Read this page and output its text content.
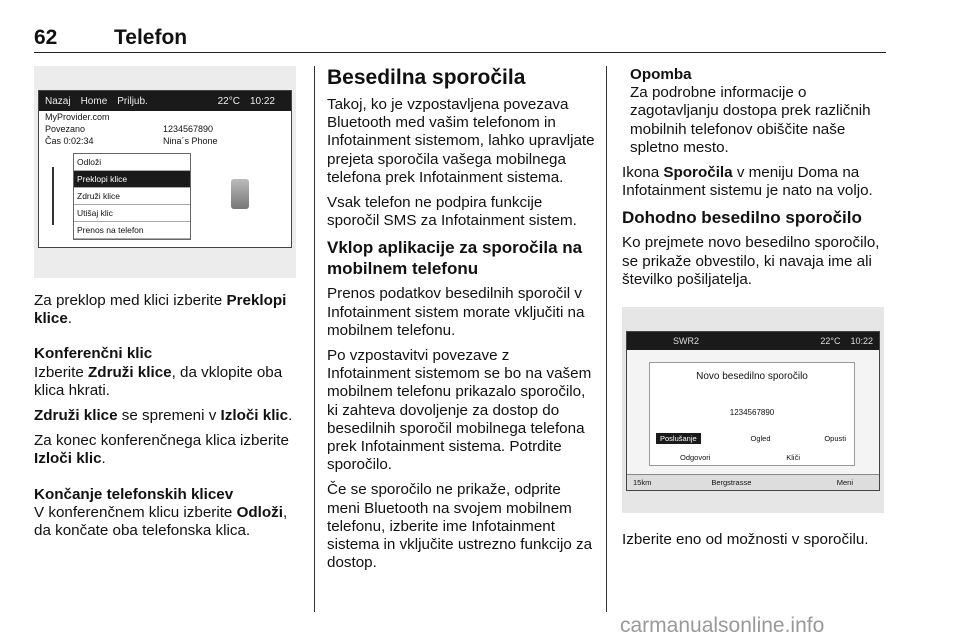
62	Telefon
Nazaj Home Priljub.	22°C 10:22
MyProvider.com
Povezano	1234567890
Čas 0:02:34	Nina´s Phone
Odloži
Preklopi klice
Združi klice
Utišaj klic
Prenos na telefon

Za preklop med klici izberite Preklopi klice.

Konferenčni klic

Izberite Združi klice, da vklopite oba klica hkrati.

Združi klice se spremeni v Izloči klic.

Za konec konferenčnega klica izberite Izloči klic.

Končanje telefonskih klicev

V konferenčnem klicu izberite Odloži, da končate oba telefonska klica.

Besedilna sporočila

Takoj, ko je vzpostavljena povezava Bluetooth med vašim telefonom in Infotainment sistemom, lahko upravljate prejeta sporočila vašega mobilnega telefona prek Infotainment sistema.

Vsak telefon ne podpira funkcije sporočil SMS za Infotainment sistem.

Vklop aplikacije za sporočila na mobilnem telefonu

Prenos podatkov besedilnih sporočil v Infotainment sistem morate vključiti na mobilnem telefonu.

Po vzpostavitvi povezave z Infotainment sistemom se bo na vašem mobilnem telefonu prikazalo sporočilo, ki zahteva dovoljenje za dostop do besedilnih sporočil mobilnega telefona prek Infotainment sistema. Potrdite sporočilo.

Če se sporočilo ne prikaže, odprite meni Bluetooth na svojem mobilnem telefonu, izberite ime Infotainment sistema in vključite ustrezno funkcijo za dostop.

Opomba

Za podrobne informacije o zagotavljanju dostopa prek različnih mobilnih telefonov obiščite naše spletno mesto.

Ikona Sporočila v meniju Doma na Infotainment sistemu je nato na voljo.

Dohodno besedilno sporočilo

Ko prejmete novo besedilno sporočilo, se prikaže obvestilo, ki navaja ime ali številko pošiljatelja.

SWR2	22°C 10:22
Novo besedilno sporočilo
1234567890
Poslušanje	Ogled	Opusti
Odgovori	Kliči
15km	Bergstrasse	Meni

Izberite eno od možnosti v sporočilu.

carmanualsonline.info
